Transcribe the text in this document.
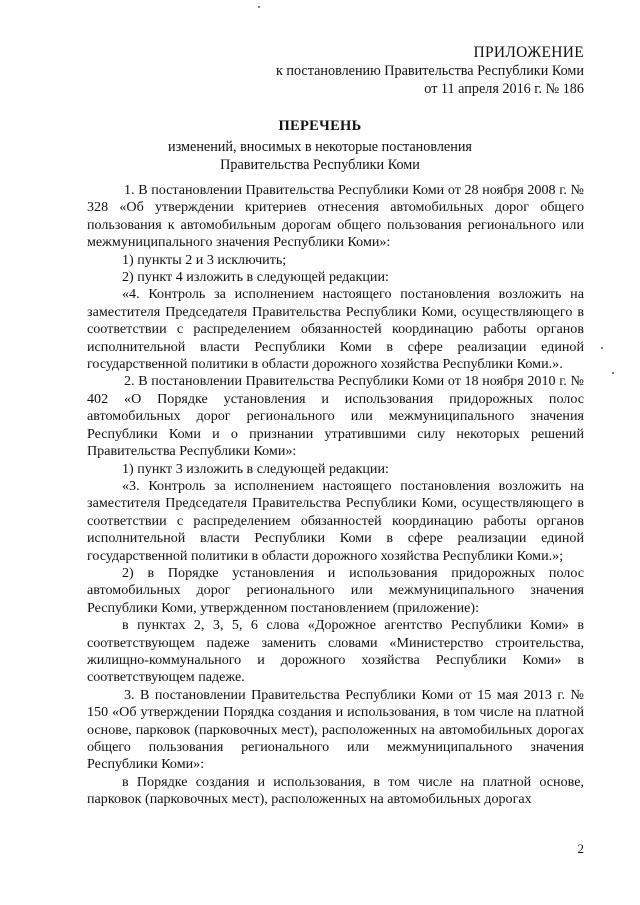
ПРИЛОЖЕНИЕ
к постановлению Правительства Республики Коми
от 11 апреля 2016 г. № 186
ПЕРЕЧЕНЬ
изменений, вносимых в некоторые постановления
Правительства Республики Коми

1. В постановлении Правительства Республики Коми от 28 ноября 2008 г. № 328 «Об утверждении критериев отнесения автомобильных дорог общего пользования к автомобильным дорогам общего пользования регионального или межмуниципального значения Республики Коми»:

1) пункты 2 и 3 исключить;

2) пункт 4 изложить в следующей редакции:

«4. Контроль за исполнением настоящего постановления возложить на заместителя Председателя Правительства Республики Коми, осуществляющего в соответствии с распределением обязанностей координацию работы органов исполнительной власти Республики Коми в сфере реализации единой государственной политики в области дорожного хозяйства Республики Коми.».

2. В постановлении Правительства Республики Коми от 18 ноября 2010 г. № 402 «О Порядке установления и использования придорожных полос автомобильных дорог регионального или межмуниципального значения Республики Коми и о признании утратившими силу некоторых решений Правительства Республики Коми»:

1) пункт 3 изложить в следующей редакции:

«3. Контроль за исполнением настоящего постановления возложить на заместителя Председателя Правительства Республики Коми, осуществляющего в соответствии с распределением обязанностей координацию работы органов исполнительной власти Республики Коми в сфере реализации единой государственной политики в области дорожного хозяйства Республики Коми.»;

2) в Порядке установления и использования придорожных полос автомобильных дорог регионального или межмуниципального значения Республики Коми, утвержденном постановлением (приложение):

в пунктах 2, 3, 5, 6 слова «Дорожное агентство Республики Коми» в соответствующем падеже заменить словами «Министерство строительства, жилищно-коммунального и дорожного хозяйства Республики Коми» в соответствующем падеже.

3. В постановлении Правительства Республики Коми от 15 мая 2013 г. № 150 «Об утверждении Порядка создания и использования, в том числе на платной основе, парковок (парковочных мест), расположенных на автомобильных дорогах общего пользования регионального или межмуниципального значения Республики Коми»:

в Порядке создания и использования, в том числе на платной основе, парковок (парковочных мест), расположенных на автомобильных дорогах

2
